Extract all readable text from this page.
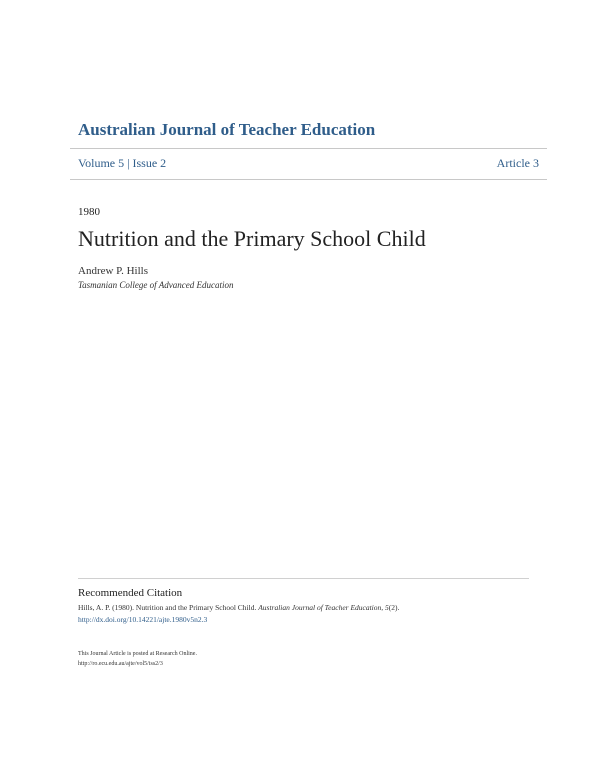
Australian Journal of Teacher Education
Volume 5 | Issue 2	Article 3
1980
Nutrition and the Primary School Child
Andrew P. Hills
Tasmanian College of Advanced Education
Recommended Citation
Hills, A. P. (1980). Nutrition and the Primary School Child. Australian Journal of Teacher Education, 5(2).
http://dx.doi.org/10.14221/ajte.1980v5n2.3
This Journal Article is posted at Research Online.
http://ro.ecu.edu.au/ajte/vol5/iss2/3
